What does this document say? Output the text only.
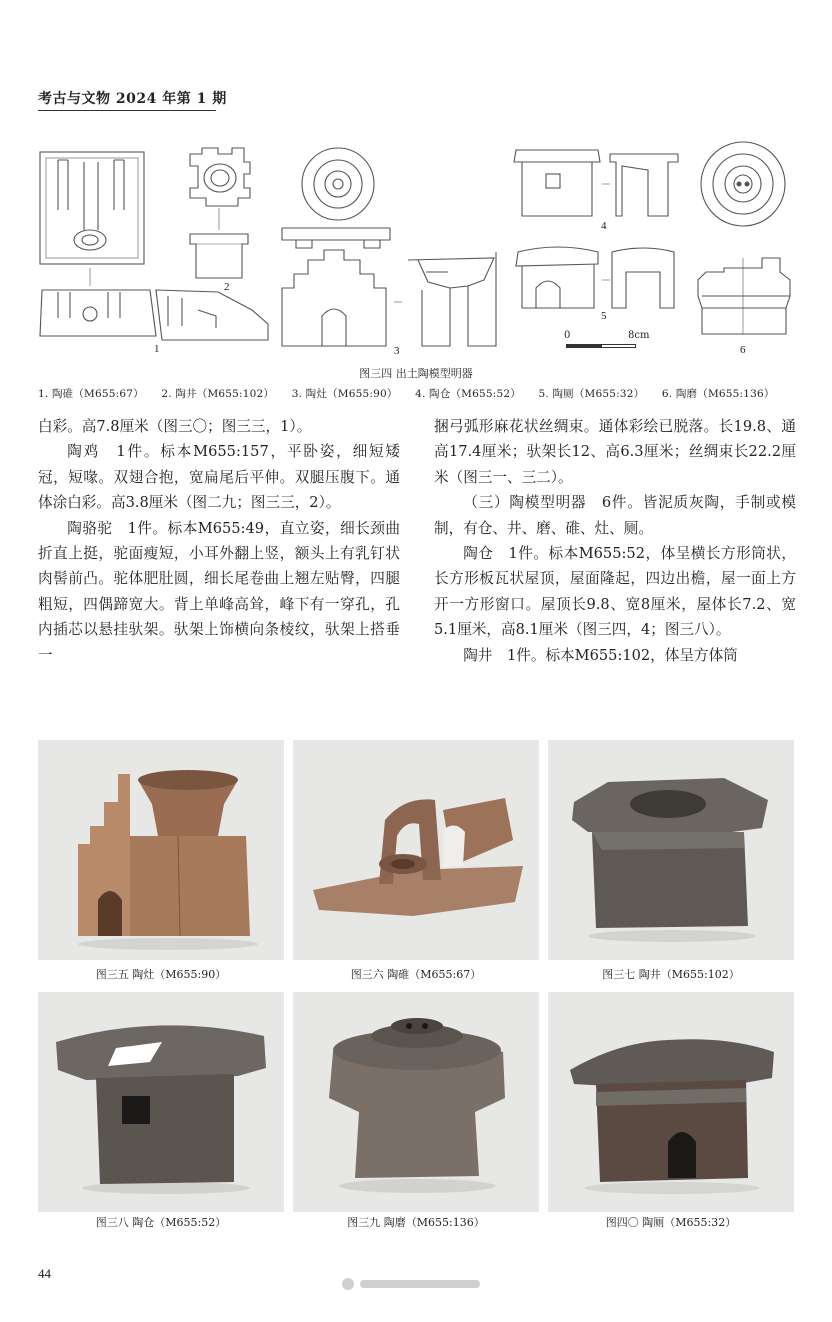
考古与文物 2024 年第 1 期
1
2
3
4
5
6
0	8cm
图三四 出土陶模型明器
1. 陶碓（M655:67） 2. 陶井（M655:102） 3. 陶灶（M655:90） 4. 陶仓（M655:52） 5. 陶厕（M655:32） 6. 陶磨（M655:136）

白彩。高7.8厘米（图三〇；图三三，1）。

陶鸡　1件。标本M655:157，平卧姿，细短矮冠，短喙。双翅合抱，宽扁尾后平伸。双腿压腹下。通体涂白彩。高3.8厘米（图二九；图三三，2）。

陶骆驼　1件。标本M655:49，直立姿，细长颈曲折直上挺，驼面瘦短，小耳外翻上竖，额头上有乳钉状肉髻前凸。驼体肥肚圆，细长尾卷曲上翘左贴臀，四腿粗短，四偶蹄宽大。背上单峰高耸，峰下有一穿孔，孔内插芯以悬挂驮架。驮架上饰横向条棱纹，驮架上搭垂一

捆弓弧形麻花状丝绸束。通体彩绘已脱落。长19.8、通高17.4厘米；驮架长12、高6.3厘米；丝绸束长22.2厘米（图三一、三二）。

（三）陶模型明器　6件。皆泥质灰陶，手制或模制，有仓、井、磨、碓、灶、厕。

陶仓　1件。标本M655:52，体呈横长方形筒状，长方形板瓦状屋顶，屋面隆起，四边出檐，屋一面上方开一方形窗口。屋顶长9.8、宽8厘米，屋体长7.2、宽5.1厘米，高8.1厘米（图三四，4；图三八）。

陶井　1件。标本M655:102，体呈方体筒

图三五 陶灶（M655:90）	图三六 陶碓（M655:67）	图三七 陶井（M655:102）
图三八 陶仓（M655:52）	图三九 陶磨（M655:136）	图四〇 陶厕（M655:32）
44
